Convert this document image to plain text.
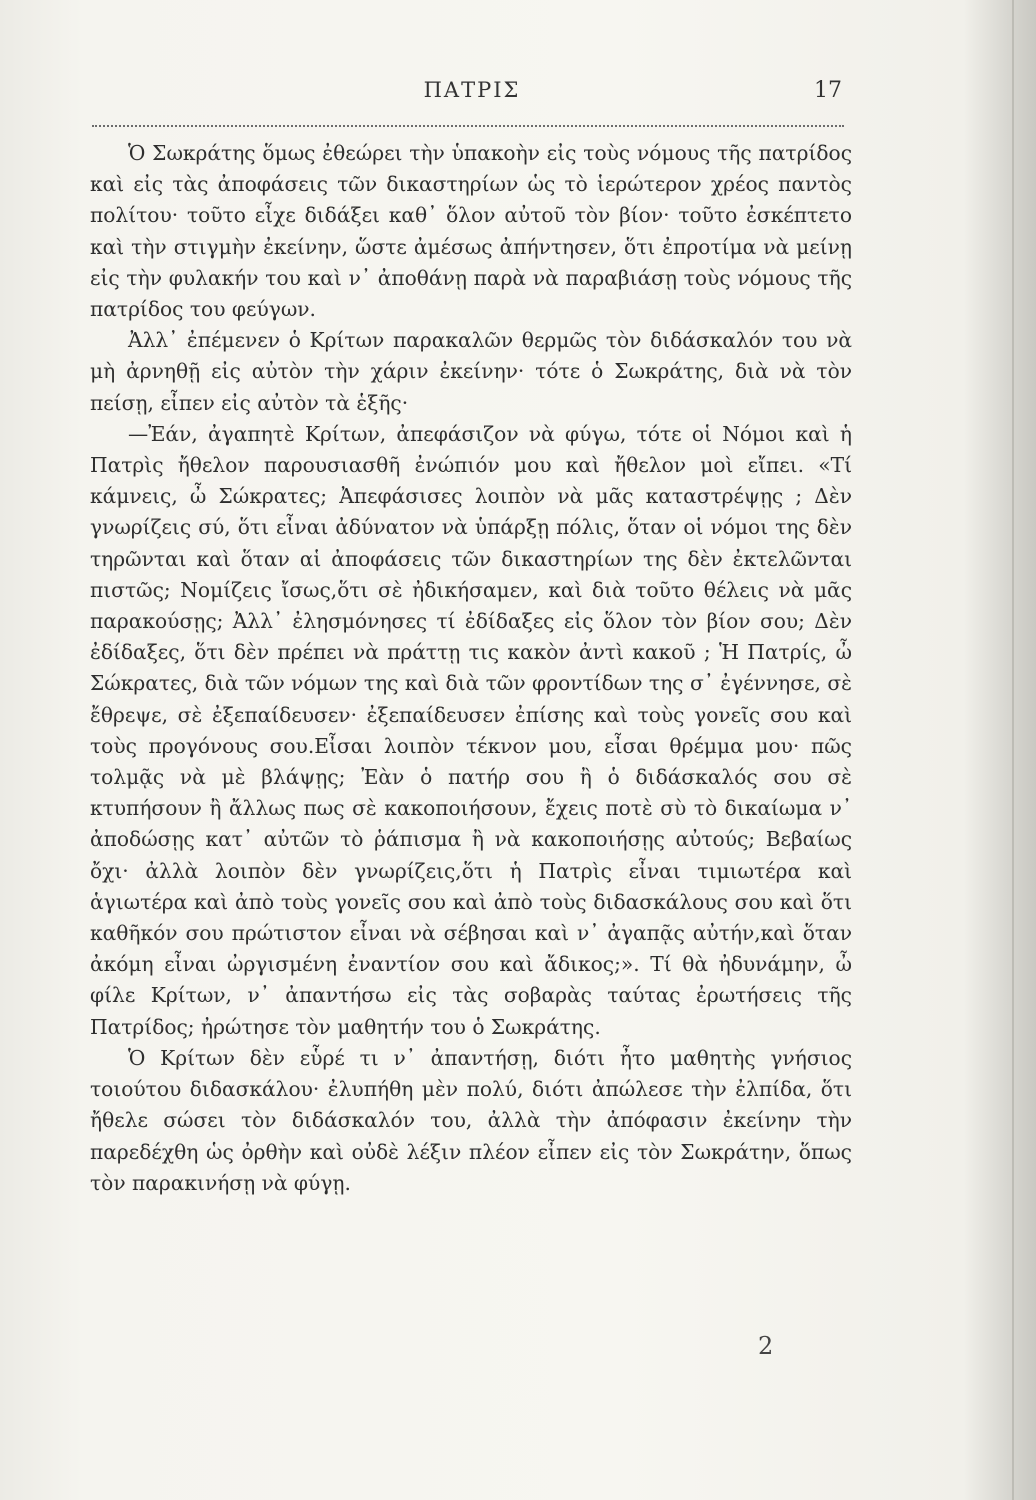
ΠΑΤΡΙΣ	17

Ὁ Σωκράτης ὅμως ἐθεώρει τὴν ὑπακοὴν εἰς τοὺς νόμους τῆς πατρίδος καὶ εἰς τὰς ἀποφάσεις τῶν δικαστηρίων ὡς τὸ ἱερώτερον χρέος παντὸς πολίτου· τοῦτο εἶχε διδάξει καθ᾽ ὅλον αὐτοῦ τὸν βίον· τοῦτο ἐσκέπτετο καὶ τὴν στιγμὴν ἐκείνην, ὥστε ἀμέσως ἀπήντησεν, ὅτι ἐπροτίμα νὰ μείνῃ εἰς τὴν φυλακήν του καὶ ν᾽ ἀποθάνῃ παρὰ νὰ παραβιάσῃ τοὺς νόμους τῆς πατρίδος του φεύγων.

Ἀλλ᾽ ἐπέμενεν ὁ Κρίτων παρακαλῶν θερμῶς τὸν διδάσκαλόν του νὰ μὴ ἀρνηθῇ εἰς αὐτὸν τὴν χάριν ἐκείνην· τότε ὁ Σωκράτης, διὰ νὰ τὸν πείσῃ, εἶπεν εἰς αὐτὸν τὰ ἑξῆς·

—Ἐάν, ἀγαπητὲ Κρίτων, ἀπεφάσιζον νὰ φύγω, τότε οἱ Νόμοι καὶ ἡ Πατρὶς ἤθελον παρουσιασθῆ ἐνώπιόν μου καὶ ἤθελον μοὶ εἴπει. «Τί κάμνεις, ὦ Σώκρατες; Ἀπεφάσισες λοιπὸν νὰ μᾶς καταστρέψῃς ; Δὲν γνωρίζεις σύ, ὅτι εἶναι ἀδύνατον νὰ ὑπάρξῃ πόλις, ὅταν οἱ νόμοι της δὲν τηρῶνται καὶ ὅταν αἱ ἀποφάσεις τῶν δικαστηρίων της δὲν ἐκτελῶνται πιστῶς; Νομίζεις ἴσως,ὅτι σὲ ἠδικήσαμεν, καὶ διὰ τοῦτο θέλεις νὰ μᾶς παρακούσῃς; Ἀλλ᾽ ἐλησμόνησες τί ἐδίδαξες εἰς ὅλον τὸν βίον σου; Δὲν ἐδίδαξες, ὅτι δὲν πρέπει νὰ πράττῃ τις κακὸν ἀντὶ κακοῦ ; Ἡ Πατρίς, ὦ Σώκρατες, διὰ τῶν νόμων της καὶ διὰ τῶν φροντίδων της σ᾽ ἐγέννησε, σὲ ἔθρεψε, σὲ ἐξεπαίδευσεν· ἐξεπαίδευσεν ἐπίσης καὶ τοὺς γονεῖς σου καὶ τοὺς προγόνους σου.Εἶσαι λοιπὸν τέκνον μου, εἶσαι θρέμμα μου· πῶς τολμᾷς νὰ μὲ βλάψῃς; Ἐὰν ὁ πατήρ σου ἢ ὁ διδάσκαλός σου σὲ κτυπήσουν ἢ ἄλλως πως σὲ κακοποιήσουν, ἔχεις ποτὲ σὺ τὸ δικαίωμα ν᾽ ἀποδώσῃς κατ᾽ αὐτῶν τὸ ῥάπισμα ἢ νὰ κακοποιήσῃς αὐτούς; Βεβαίως ὄχι· ἀλλὰ λοιπὸν δὲν γνωρίζεις,ὅτι ἡ Πατρὶς εἶναι τιμιωτέρα καὶ ἁγιωτέρα καὶ ἀπὸ τοὺς γονεῖς σου καὶ ἀπὸ τοὺς διδασκάλους σου καὶ ὅτι καθῆκόν σου πρώτιστον εἶναι νὰ σέβησαι καὶ ν᾽ ἀγαπᾷς αὐτήν,καὶ ὅταν ἀκόμη εἶναι ὠργισμένη ἐναντίον σου καὶ ἄδικος;». Τί θὰ ἠδυνάμην, ὦ φίλε Κρίτων, ν᾽ ἀπαντήσω εἰς τὰς σοβαρὰς ταύτας ἐρωτήσεις τῆς Πατρίδος; ἠρώτησε τὸν μαθητήν του ὁ Σωκράτης.

Ὁ Κρίτων δὲν εὗρέ τι ν᾽ ἀπαντήσῃ, διότι ἦτο μαθητὴς γνήσιος τοιούτου διδασκάλου· ἐλυπήθη μὲν πολύ, διότι ἀπώλεσε τὴν ἐλπίδα, ὅτι ἤθελε σώσει τὸν διδάσκαλόν του, ἀλλὰ τὴν ἀπόφασιν ἐκείνην τὴν παρεδέχθη ὡς ὀρθὴν καὶ οὐδὲ λέξιν πλέον εἶπεν εἰς τὸν Σωκράτην, ὅπως τὸν παρακινήσῃ νὰ φύγῃ.

2
